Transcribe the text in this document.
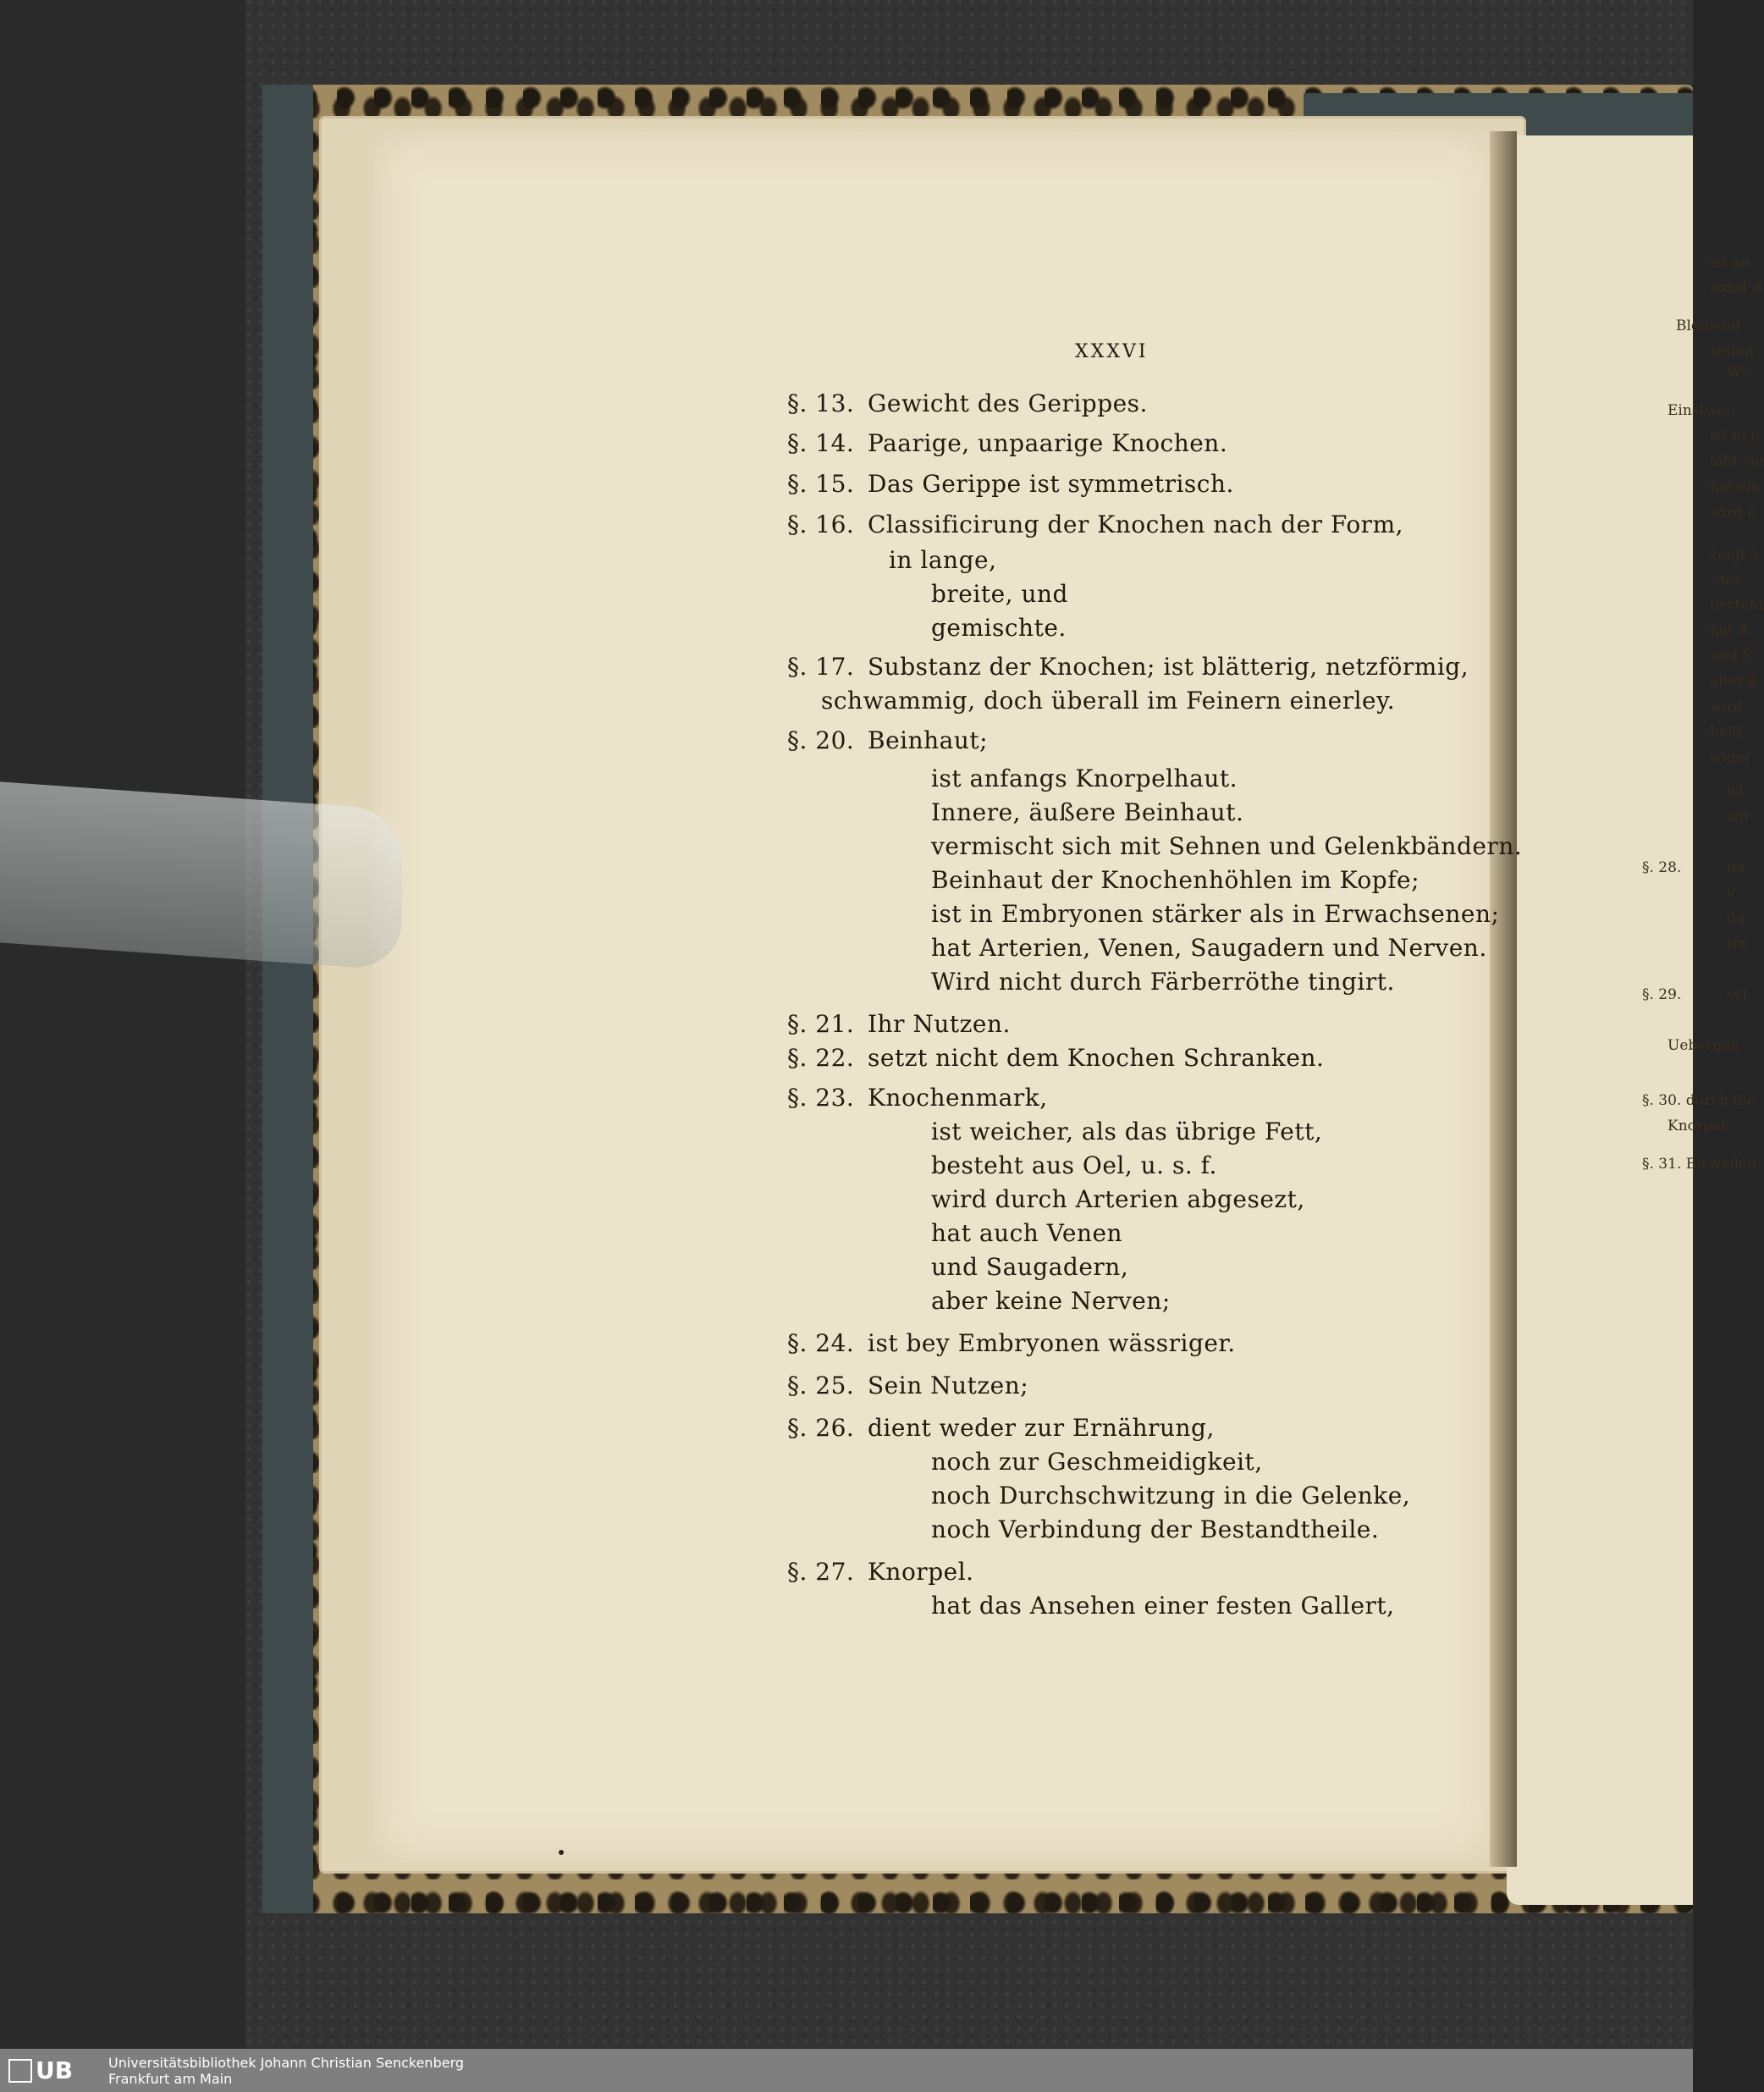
ist an
sonst d
Bleibend
selten
Wi
Einstweil
ist in (
läßt sie
hat ein
wird e
zeigt a
sos
besteht
hat A
und S
aber k
wird
heilt
wider
ist
wir
§. 28.	im
v
du
tre
§. 29.	sei
Uebergan
§. 30. durch die
Knorpel.
§. 31. Bisweilen
XXXVI
§. 13. Gewicht des Gerippes.
§. 14. Paarige, unpaarige Knochen.
§. 15. Das Gerippe ist symmetrisch.
§. 16. Classificirung der Knochen nach der Form,
in lange,
breite, und
gemischte.
§. 17. Substanz der Knochen; ist blätterig, netzförmig,
schwammig, doch überall im Feinern einerley.
§. 20. Beinhaut;
ist anfangs Knorpelhaut.
Innere, äußere Beinhaut.
vermischt sich mit Sehnen und Gelenkbändern.
Beinhaut der Knochenhöhlen im Kopfe;
ist in Embryonen stärker als in Erwachsenen;
hat Arterien, Venen, Saugadern und Nerven.
Wird nicht durch Färberröthe tingirt.
§. 21. Ihr Nutzen.
§. 22. setzt nicht dem Knochen Schranken.
§. 23. Knochenmark,
ist weicher, als das übrige Fett,
besteht aus Oel, u. s. f.
wird durch Arterien abgesezt,
hat auch Venen
und Saugadern,
aber keine Nerven;
§. 24. ist bey Embryonen wässriger.
§. 25. Sein Nutzen;
§. 26. dient weder zur Ernährung,
noch zur Geschmeidigkeit,
noch Durchschwitzung in die Gelenke,
noch Verbindung der Bestandtheile.
§. 27. Knorpel.
hat das Ansehen einer festen Gallert,
UB	Universitätsbibliothek Johann Christian Senckenberg
Frankfurt am Main
